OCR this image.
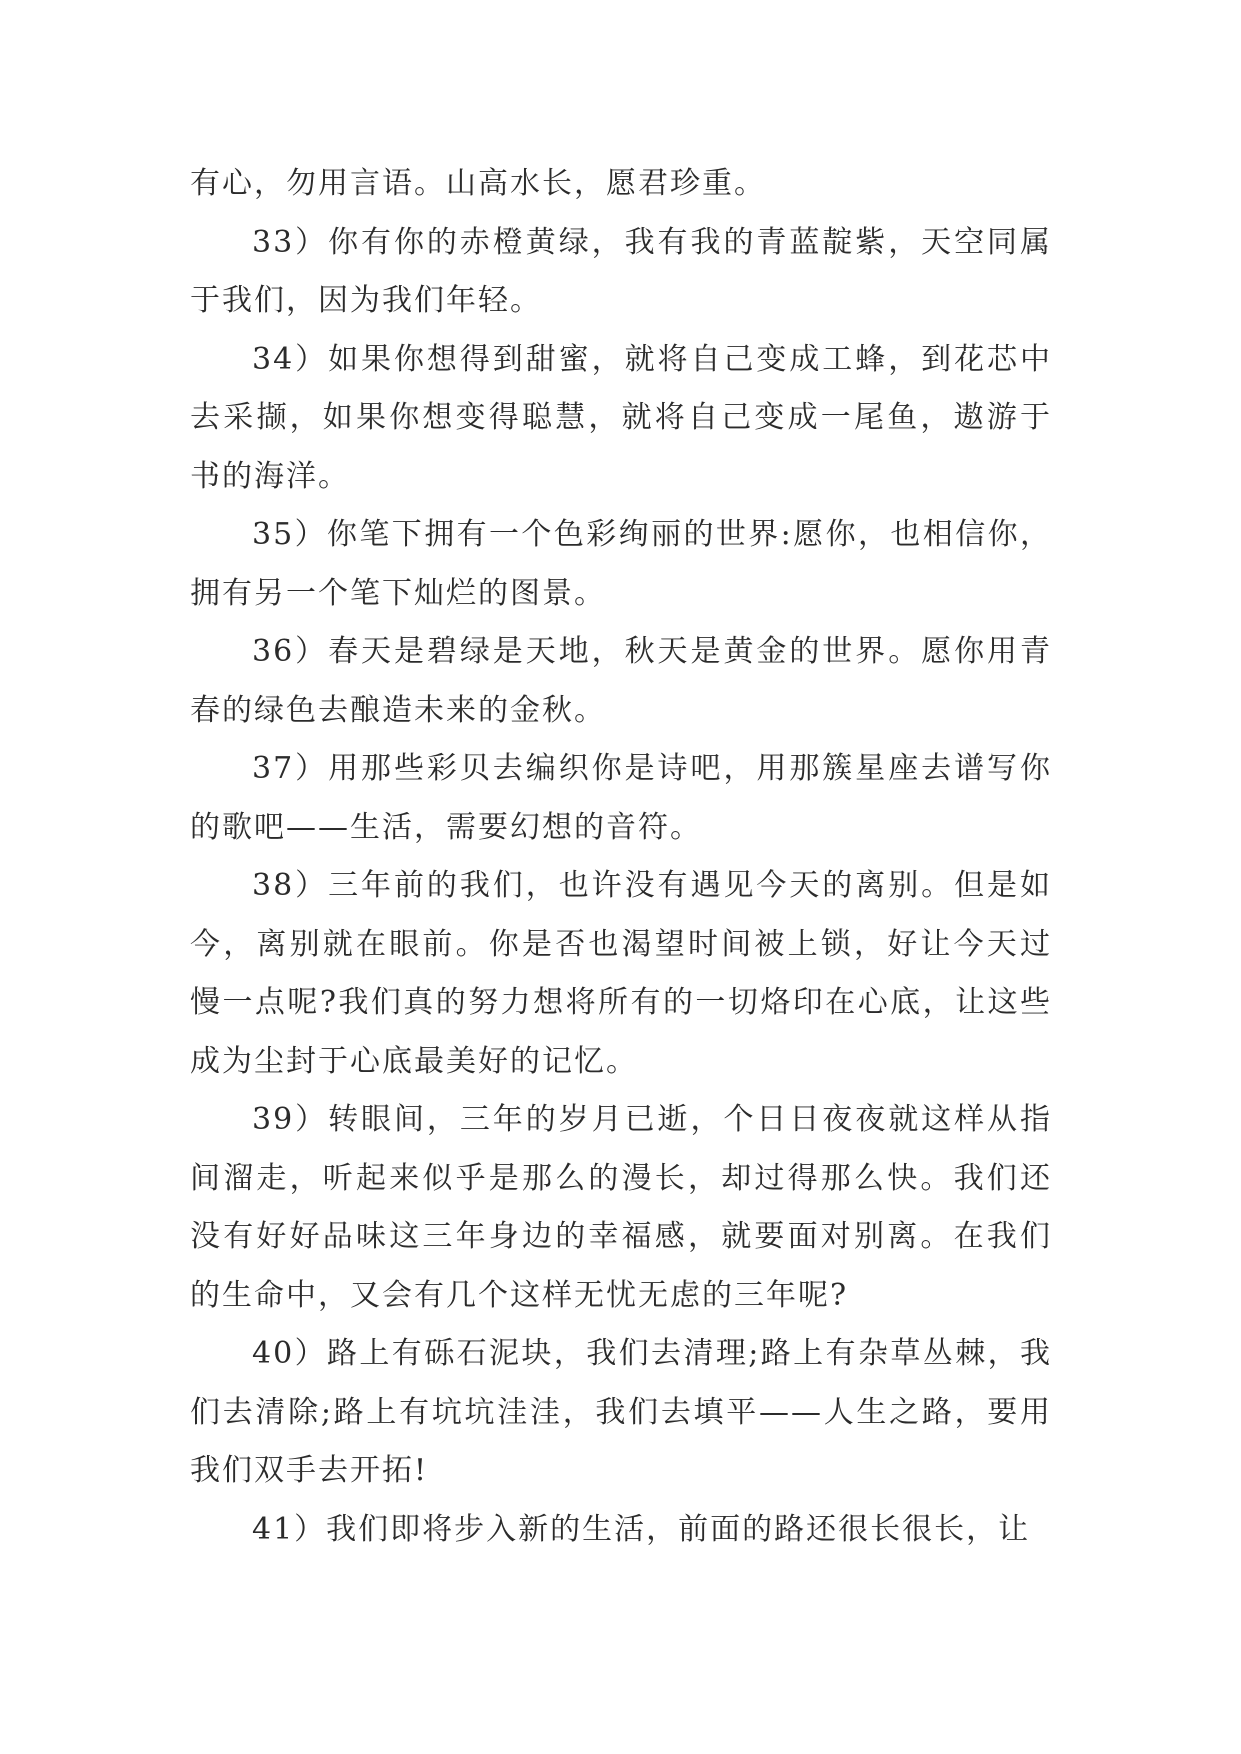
有心，勿用言语。山高水长，愿君珍重。

33）你有你的赤橙黄绿，我有我的青蓝靛紫，天空同属于我们，因为我们年轻。

34）如果你想得到甜蜜，就将自己变成工蜂，到花芯中去采撷，如果你想变得聪慧，就将自己变成一尾鱼，遨游于书的海洋。

35）你笔下拥有一个色彩绚丽的世界:愿你，也相信你，拥有另一个笔下灿烂的图景。

36）春天是碧绿是天地，秋天是黄金的世界。愿你用青春的绿色去酿造未来的金秋。

37）用那些彩贝去编织你是诗吧，用那簇星座去谱写你的歌吧——生活，需要幻想的音符。

38）三年前的我们，也许没有遇见今天的离别。但是如今，离别就在眼前。你是否也渴望时间被上锁，好让今天过慢一点呢?我们真的努力想将所有的一切烙印在心底，让这些成为尘封于心底最美好的记忆。

39）转眼间，三年的岁月已逝，个日日夜夜就这样从指间溜走，听起来似乎是那么的漫长，却过得那么快。我们还没有好好品味这三年身边的幸福感，就要面对别离。在我们的生命中，又会有几个这样无忧无虑的三年呢?

40）路上有砾石泥块，我们去清理;路上有杂草丛棘，我们去清除;路上有坑坑洼洼，我们去填平——人生之路，要用我们双手去开拓!

41）我们即将步入新的生活，前面的路还很长很长，让
